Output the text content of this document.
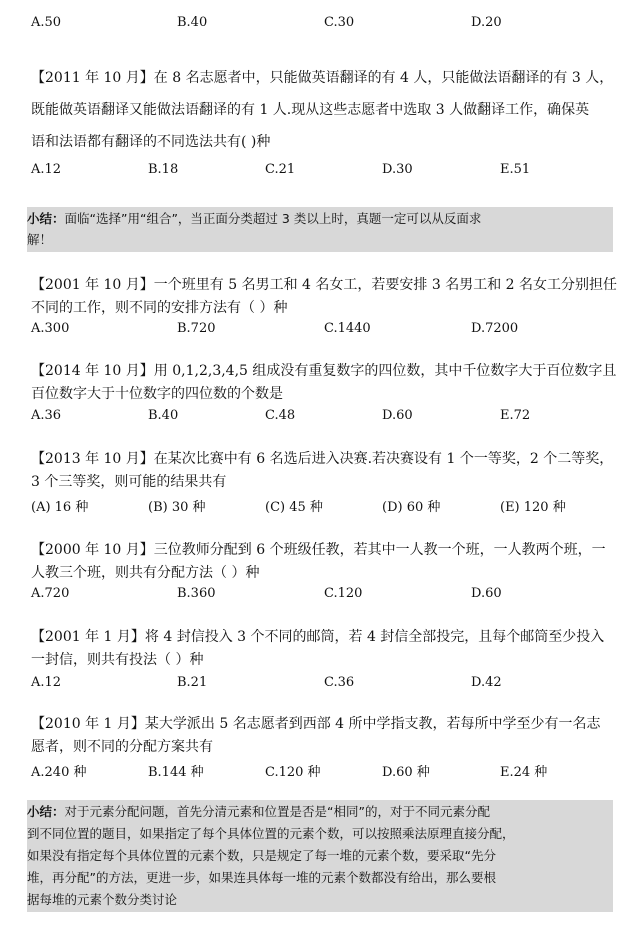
A.50	B.40	C.30	D.20

【2011 年 10 月】在 8 名志愿者中，只能做英语翻译的有 4 人，只能做法语翻译的有 3 人，

既能做英语翻译又能做法语翻译的有 1 人.现从这些志愿者中选取 3 人做翻译工作，确保英

语和法语都有翻译的不同选法共有( )种

A.12	B.18	C.21	D.30	E.51

小结：面临“选择”用“组合”，当正面分类超过 3 类以上时，真题一定可以从反面求

解！

【2001 年 10 月】一个班里有 5 名男工和 4 名女工，若要安排 3 名男工和 2 名女工分别担任

不同的工作，则不同的安排方法有（ ）种

A.300	B.720	C.1440	D.7200

【2014 年 10 月】用 0,1,2,3,4,5 组成没有重复数字的四位数，其中千位数字大于百位数字且

百位数字大于十位数字的四位数的个数是

A.36	B.40	C.48	D.60	E.72

【2013 年 10 月】在某次比赛中有 6 名选后进入决赛.若决赛设有 1 个一等奖，2 个二等奖，

3 个三等奖，则可能的结果共有

(A) 16 种	(B) 30 种	(C) 45 种	(D) 60 种	(E) 120 种

【2000 年 10 月】三位教师分配到 6 个班级任教，若其中一人教一个班，一人教两个班，一

人教三个班，则共有分配方法（ ）种

A.720	B.360	C.120	D.60

【2001 年 1 月】将 4 封信投入 3 个不同的邮筒，若 4 封信全部投完，且每个邮筒至少投入

一封信，则共有投法（ ）种

A.12	B.21	C.36	D.42

【2010 年 1 月】某大学派出 5 名志愿者到西部 4 所中学指支教，若每所中学至少有一名志

愿者，则不同的分配方案共有

A.240 种	B.144 种	C.120 种	D.60 种	E.24 种

小结：对于元素分配问题，首先分清元素和位置是否是“相同”的，对于不同元素分配

到不同位置的题目，如果指定了每个具体位置的元素个数，可以按照乘法原理直接分配，

如果没有指定每个具体位置的元素个数，只是规定了每一堆的元素个数，要采取“先分

堆，再分配”的方法，更进一步，如果连具体每一堆的元素个数都没有给出，那么要根

据每堆的元素个数分类讨论
